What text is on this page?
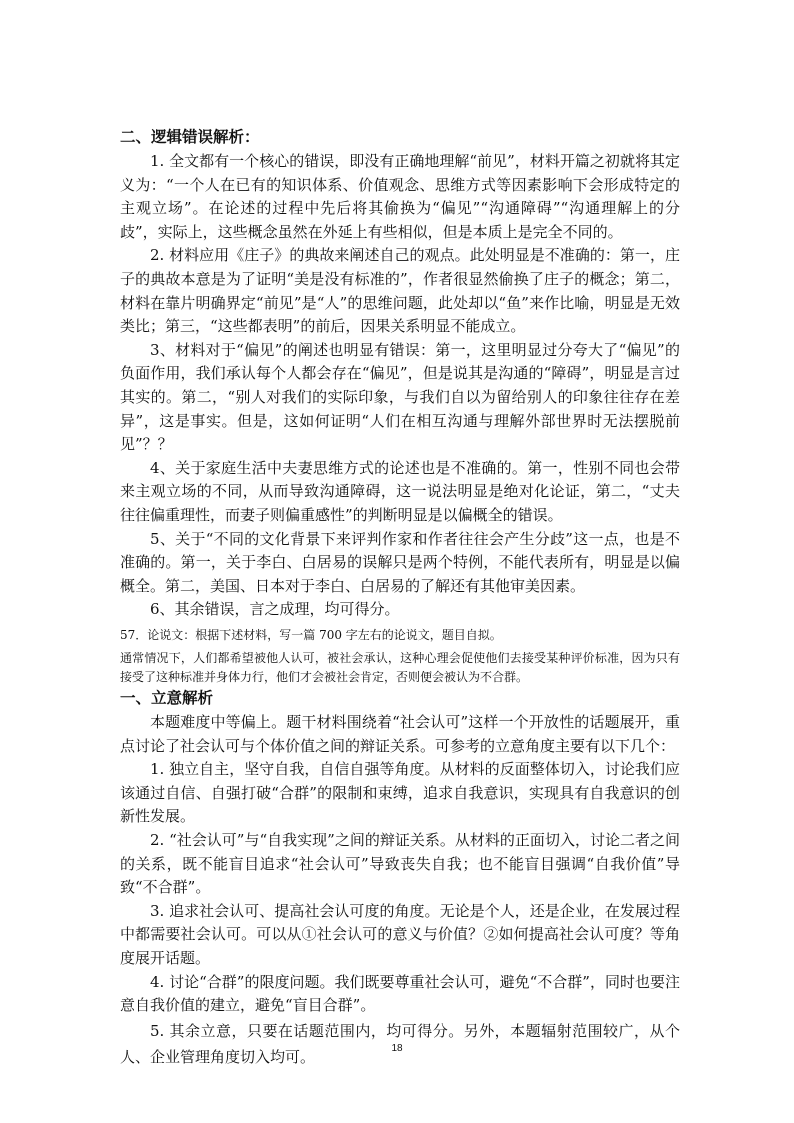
二、逻辑错误解析：

1. 全文都有一个核心的错误，即没有正确地理解“前见”，材料开篇之初就将其定义为：“一个人在已有的知识体系、价值观念、思维方式等因素影响下会形成特定的主观立场”。在论述的过程中先后将其偷换为“偏见”“沟通障碍”“沟通理解上的分歧”，实际上，这些概念虽然在外延上有些相似，但是本质上是完全不同的。

2. 材料应用《庄子》的典故来阐述自己的观点。此处明显是不准确的：第一，庄子的典故本意是为了证明“美是没有标准的”，作者很显然偷换了庄子的概念；第二，材料在靠片明确界定“前见”是“人”的思维问题，此处却以“鱼”来作比喻，明显是无效类比；第三，“这些都表明”的前后，因果关系明显不能成立。

3、材料对于“偏见”的阐述也明显有错误：第一，这里明显过分夸大了“偏见”的负面作用，我们承认每个人都会存在“偏见”，但是说其是沟通的“障碍”，明显是言过其实的。第二，“别人对我们的实际印象，与我们自以为留给别人的印象往往存在差异”，这是事实。但是，这如何证明“人们在相互沟通与理解外部世界时无法摆脱前见”？？

4、关于家庭生活中夫妻思维方式的论述也是不准确的。第一，性别不同也会带来主观立场的不同，从而导致沟通障碍，这一说法明显是绝对化论证，第二，“丈夫往往偏重理性，而妻子则偏重感性”的判断明显是以偏概全的错误。

5、关于“不同的文化背景下来评判作家和作者往往会产生分歧”这一点，也是不准确的。第一，关于李白、白居易的误解只是两个特例，不能代表所有，明显是以偏概全。第二，美国、日本对于李白、白居易的了解还有其他审美因素。

6、其余错误，言之成理，均可得分。

57．论说文：根据下述材料，写一篇 700 字左右的论说文，题目自拟。

通常情况下，人们都希望被他人认可，被社会承认，这种心理会促使他们去接受某种评价标准，因为只有接受了这种标准并身体力行，他们才会被社会肯定，否则便会被认为不合群。

一、立意解析

本题难度中等偏上。题干材料围绕着“社会认可”这样一个开放性的话题展开，重点讨论了社会认可与个体价值之间的辩证关系。可参考的立意角度主要有以下几个：

1. 独立自主，坚守自我，自信自强等角度。从材料的反面整体切入，讨论我们应该通过自信、自强打破“合群”的限制和束缚，追求自我意识，实现具有自我意识的创新性发展。

2. “社会认可”与“自我实现”之间的辩证关系。从材料的正面切入，讨论二者之间的关系，既不能盲目追求“社会认可”导致丧失自我；也不能盲目强调“自我价值”导致“不合群”。

3. 追求社会认可、提高社会认可度的角度。无论是个人，还是企业，在发展过程中都需要社会认可。可以从①社会认可的意义与价值？②如何提高社会认可度？等角度展开话题。

4. 讨论“合群”的限度问题。我们既要尊重社会认可，避免“不合群”，同时也要注意自我价值的建立，避免“盲目合群”。

5. 其余立意，只要在话题范围内，均可得分。另外，本题辐射范围较广，从个人、企业管理角度切入均可。	18
